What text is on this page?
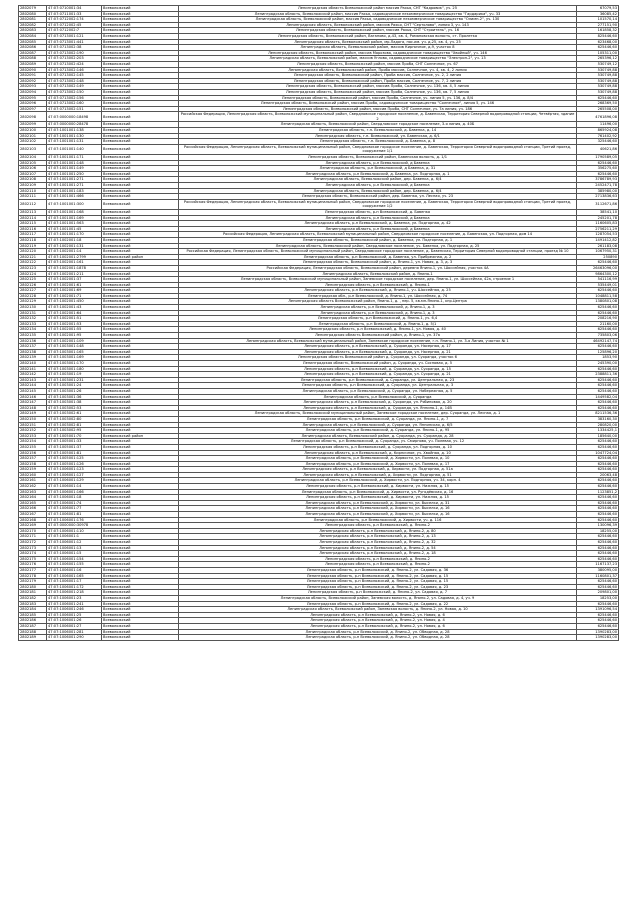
2802079	47:07:0710001:34	Всеволожский	Ленинградская область Всеволожский район массив Рахья, СНТ "Кадровик", уч. 25	67079,53
2802080	47:07:0711001:33	Всеволожский	Ленинградская область, Всеволожский район, массив Рахья, садоводческое некоммерческое товарищество "Гардарика", уч. 33	36085,42
2802081	47:07:0712002:174	Всеволожский	Ленинградская область, Всеволожский район, массив Рахья, садоводческое некоммерческое товарищество "Олимп-2", уч. 130	101570,14
2802082	47:07:0712002:45	Всеволожский	Ленинградская область, Всеволожский район, массив Рахья, СНТ "Сертолово", линия 3, уч. 143	277151,90
2802083	47:07:0712002:7	Всеволожский	Ленинградская область, Всеволожский район, массив Рахья, СНТ "Строитель", уч. 16	161858,32
2802084	47:07:0713001:121	Всеволожский	Ленинградская область, Всеволожский район, Ваганово, д.43, кв. 4, Романовская волость, ст. Пролетка	825446,60
2802085	47:07:0713001:441	Всеволожский	Ленинградская область, Всеволожский район, мр.Ладога, пос.им. уч. д.25, кв. 4, уч. 25	623468,00
2802086	47:07:0713002:38	Всеволожский	Ленинградская область, Всеволожский район, массив Кирпичное, д.9, участок 8	625446,60
2802087	47:07:0713002:190	Всеволожский	Ленинградская область, Всеволожский район, массив Морозова, садоводческое товарищество "Хвойный", уч. 146	105311,00
2802088	47:07:0713002:203	Всеволожский	Ленинградская область, Всеволожский район, массив Углово, садоводческое товарищество "Электрон-2", уч. 13	265396,12
2802089	47:07:0713002:424	Всеволожский	Ленинградская область, Всеволожский район, массив Проба, СНТ Солнечное, уч. 67	530749,12
2802090	47:07:0713002:146	Всеволожский	Ленинградская область, Всеволожский район, Проба массив, Солнечное, уч. 4, кв. 4, 2 линия	530749,88
2802091	47:07:0713002:145	Всеволожский	Ленинградская область, Всеволожский район, Проба массив, Солнечное, уч. 2, 2 линия	530749,88
2802092	47:07:0713002:148	Всеволожский	Ленинградская область, Всеволожский район, Проба массив, Солнечное, уч. 7, 2 линия	530749,88
2802093	47:07:0713002:149	Всеволожский	Ленинградская область, Всеволожский район, массив Проба, Солнечное, уч. 136, кв. 4, 5 линия	530749,88
2802094	47:07:0713002:150	Всеволожский	Ленинградская область, Всеволожский район, массив Проба, Солнечное, уч. 136, кв. 7, 5 линия	530749,88
2802095	47:07:0713002:156	Всеволожский	Ленинградская область, Всеволожский район, массив Проба, Солнечное, уч. линия 5, уч. 136, д. 8/4	625446,60
2802096	47:07:0713002:160	Всеволожский	Ленинградская область, Всеволожский район, массив Проба, садоводческое товарищество "Солнечное", линия 5, уч. 146	268369,50
2802097	47:07:0713002:151	Всеволожский	Ленинградская область, Всеволожский район, массив Проба, СНТ Солнечное, уч. 7а линия, уч. 186	265508,00
2802098	47:07:0000000:18498	Всеволожский	Российская Федерация, Ленинградская область, Всеволожский муниципальный район, Свердловское городское поселение, д. Бавенская, Территория Северной водопроводной станции, Четвёртая, здание 2	4761896,08
2802099	47:07:0000000:28478	Всеволожский	Ленинградская область, Всеволожский район, Свердловское городское поселение, 3-я линия, д. 40Б	11496,00
2802100	47:07:1001001:138	Всеволожский	Ленинградская область, г.п. Всеволожский, д. Бавенка, д. 14	865924,08
2802101	47:07:1001001:130	Всеволожский	Ленинградская область, г.п. Всеволожский, ул. Бавенская, д. 6/1	761402,92
2802102	47:07:1001001:131	Всеволожский	Ленинградская область, г.п. Всеволожский, д. Бавенка, д. 8	325446,60
2802103	47:07:1001001:140	Всеволожский	Российская Федерация, Ленинградская область, Всеволожский муниципальный район, Свердловское городское поселение, д. Бавенская, Территория Северной водопроводной станции, Третий проезд, сооружение 1/1	40621,86
2802104	47:07:1001001:171	Всеволожский	Ленинградская область, Всеволожский район, Бавенская волость, д. 1/1	1790589,05
2802105	47:07:1001001:148	Всеволожский	Ленинградская область, р-н Всеволожский, д Бавенка	625446,60
2802106	47:07:1001001:149	Всеволожский	Ленинградская область, р-н Всеволожский, д Бавенка, д. 31	356275,60
2802107	47:07:1001001:250	Всеволожский	Ленинградская область, р-н Всеволожский, д. Бавенка, ул. Подгорная, д. 1	625446,60
2802108	47:07:1001001:271	Всеволожский	Ленинградская область, Всеволожский район, дер. Бавенка, д. 6/4	3786789,93
2802109	47:07:1001001:271	Всеволожский	Ленинградская область, р-н Всеволожский, д Бавенка	2452471,78
2802110	47:07:1001001:183	Всеволожский	Ленинградская область, Всеволожский район, дер. Бавенка, д. 6/4	385980,00
2802111	47:07:1001001:466	Всеволожский	Ленинградская область, Всеволожский район, дер. Бавенка, ул. Лесная, уч. 23	2713836,63
2802112	47:07:1001001:300	Всеволожский	Российская Федерация, Ленинградская область, Всеволожский муниципальный район, Свердловское городское поселение, д. Бавенская, Территория Северной водопроводной станции, Третий проезд, сооружение 1/2	3112671,86
2802113	47:07:1001001:168	Всеволожский	Ленинградская область, р-н Всеволожский, д. Бавенка	38541,10
2802114	47:07:1001001:169	Всеволожский	Ленинградская область, р-н Всеволожский, д Бавенка	245201,78
2802115	47:07:1001001:563	Всеволожский	Ленинградская область, р-н Всеволожский, д. Бавенка, ул. Подгорная, д. 42	1160605,83
2802116	47:07:1001001:45	Всеволожский	Ленинградская область, р-н Всеволожский, д Бавенка	2756211,29
2802117	47:07:1001001:170	Всеволожский	Российская Федерация, Ленинградская область, Всеволожский муниципальный район, Свердловское городское поселение, д. Бавенская, ул. Подгорная, дом 14	1287054,53
2802118	47:07:1002001:18	Всеволожский	Ленинградская область, Всеволожский район, д. Бавенка, ул. Подгорная, д. 1	1491412,82
2802119	47:07:1002001:131	Всеволожский	Ленинградская область, Всеволожский район, Свердловское поселение, уч. Бавенка, ул. Подгорная, д. 25	261183,08
2802120	47:07:1002001:14	Всеволожский	Российская Федерация, Ленинградская область, Всеволожский муниципальный район, Свердловское городское поселение, д. Бавенская, Территория Северной водопроводной станции, проезд № 10	1067950,31
2802121	47:07:1002001:2799	Всеволожский район	Ленинградская область, р-н Всеволожский, д. Бавенка, ул. Прибрежная, д. 2	250890
2802122	47:07:1002001:161	Всеволожский	Ленинградская область, Всеволожский район, д. Янино-1, ул. Новая, д. 3, д. 3	625446,60
2802123	47:07:1002001:1878	Всеволожский	Российская Федерация, Ленинградская область, Всеволожский район, деревня Янино-1, ул. Шоссейная, участок 4А	26463096,00
2802124	47:07:1002001:211	Всеволожский	Ленинградская область, Всеволожский район, д. Янино-1	9864300,12
2802125	47:07:1002001:37	Всеволожский	Ленинградская область, Всеволожский муниципальный район, Заневское городское поселение, дер. Янино-1, ул. Шоссейная, 42а, строение 1	541116,99
2802126	47:07:1002001:61	Всеволожский	Ленинградская область, р-н Всеволожский, д. Янино-1	535449,01
2802127	47:07:1002001:69	Всеволожский	Ленинградская область, р-н Всеволожский, д. Янино-1, уч. Шоссейная, д. 25	625446,60
2802128	47:07:1002001:71	Всеволожский	Ленинградская обл., р-н Всеволожский, д. Янино-1, ул. Шоссейная, д. 74	1048811,58
2802129	47:07:1002001:450	Всеволожский	Ленинградская область Всеволожский район, Янино-1, д. , пер. 5, кв.мн-Янино-1, кпр.Центра	1380801,08
2802130	47:07:1002001:43	Всеволожский	Ленинградская область, р-н Всеволожский, д. Янино-1, д. 3	625446,60
2802131	47:07:1002001:64	Всеволожский	Ленинградская область, р-н Всеволожский, д. Янино-1, д. 3	625446,60
2802132	47:07:1002001:51	Всеволожский	Ленинградская область, р-н Всеволожский, д. Янино-1, уч. 6,4	208216,90
2802133	47:07:1002001:53	Всеволожский	Ленинградская область, р-н Всеволожский, д. Янино-1, д. 5/1	21160,00
2802134	47:07:1002001:55	Всеволожский	Ленинградская область, р-н Всеволожский, д. Янино-1, ул. Новая, д. 40	625446,60
2802135	47:07:1002001:95	Всеволожский	Ленинградская область Всеволожский район, д. Янино-1, ул. 37а	735803,06
2802136	47:07:1002001:109	Всеволожский	Ленинградская область, Всеволожский муниципальный район, Заневское городское поселение, г.п. Янино-1, ул. 3-я Линия, участок № 1	46492147,74
2802137	47:07:1003001:148	Всеволожский	Ленинградская область, р-н Всеволожский, д. Суоранда, ул. Насерная, д. 17	625446,60
2802138	47:07:1003001:165	Всеволожский	Ленинградская область, р-н Всеволожский, д. Суоранда, ул. Насерная, д. 21	125896,20
2802139	47:07:1003001:169	Всеволожский	Ленинградская область Всеволожский район д. Суоранда, ул. Суоранда, участок 6	1853,90
2802140	47:07:1003001:170	Всеволожский	Ленинградская область, Всеволожский район, д. Суоранда, уч. Сосновая, д. 5	245390,00
2802141	47:07:1003001:180	Всеволожский	Ленинградская область, р-н Всеволожский, д. Суоранда, ул. Суоранда, д. 15	625446,60
2802142	47:07:1003001:19	Всеволожский	Ленинградская область, р-н Всеволожский, д. Суоранда, ул. Суоранда, д. 21	2388811,36
2802143	47:07:1003001:231	Всеволожский	Ленинградская область, р-н Всеволожский, д. Суоранда, ул. Центральная, д. 23	625446,60
2802144	47:07:1003001:24	Всеволожский	Ленинградская область, р-н Всеволожский, д. Суоранда, ул. Центральная, д. 3	625446,60
2802145	47:07:1003001:26	Всеволожский	Ленинградская область, р-н Всеволожский, д. Суоранда, ул. Набережная, д. 5	625446,60
2802146	47:07:1003001:36	Всеволожский	Ленинградская область, р-н Всеволожский, д. Суоранда	1449582,04
2802147	47:07:1003001:38	Всеволожский	Ленинградская область, р-н Всеволожский, д. Суоранда, ул. Рябиновая, д. 20	625446,60
2802148	47:07:1003002:53	Всеволожский	Ленинградская область, р-н Всеволожский, д. Суоранда, ул. Яннино-1, д. 14В	625446,60
2802149	47:07:1003002:61	Всеволожский	Ленинградская область, Всеволожский муниципальный район, Заневское городское поселение, дер. Суоранда, ул. Лесная, д. 1	8211536,36
2802150	47:07:1003002:80	Всеволожский	Ленинградская область, р-н Всеволожский, д. Суоранда, ул. Янино-1, д. 7	383160,30
2802151	47:07:1003002:81	Всеволожский	Ленинградская область, р-н Всеволожский, д. Суоранда, ул. Яннинская, д. 6/5	280820,00
2802152	47:07:1003002:95	Всеволожский	Ленинградская область, р-н Всеволожский, д. Суоранда, ул. Янино-1, д. 95	1334425,1
2802153	47:07:1005001:70	Всеволожский район	Ленинградская область, Всеволожский район, д. Суоранда, уч. Суоранда, д. 28	185640,00
2802154	47:07:1005001:33	Всеволожский	Ленинградская область, р-н Всеволожский, д. Суоранда, уч. Смирнова, уч. Полевая, уч. 12	625446,60
2802155	47:07:1005001:37	Всеволожский	Ленинградская область, р-н Всеволожский, д. Суоранда, ул. Подгорная, д. 10	625446,60
2802156	47:07:1005001:81	Всеволожский	Ленинградская область, р-н Всеволожский, д. Кирпичное, уч. Хвойная, д. 10	1047724,04
2802157	47:07:1005001:125	Всеволожский	Ленинградская область, р-н Всеволожский, д. Хирвости, ул. Полевая, д. 10	625446,60
2802158	47:07:1005001:126	Всеволожский	Ленинградская область, р-н Всеволожский, д. Хирвости, ул. Полевая, д. 17	625446,60
2802159	47:07:1006001:123	Всеволожский	Ленинградская область, р-н Всеволожский, д. Хирвости, ул. Подгорная, д. 51а	625446,60
2802160	47:07:1006001:127	Всеволожский	Ленинградская область, р-н Всеволожский, д. Хирвости, ул. Подгорная, д. 51	20063,48
2802161	47:07:1006001:129	Всеволожский	Ленинградская область, р-н Всеволожский, д. Хирвости, ул. Подгорная, уч. 34, корп. 4	625446,60
2802162	47:07:1006001:14	Всеволожский	Ленинградская область, р-н Всеволожский, д. Хирвости, ул. Нижняя, д. 15	625446,60
2802163	47:07:1006001:166	Всеволожский	Ленинградская область, р-н Всеволожский, д. Хирвости, ул. Ругодёвская, д. 16	1123851,2
2802164	47:07:1006001:18	Всеволожский	Ленинградская область, р-н Всеволожский, д. Хирвости, ул. Нижняя, д. 15	625446,60
2802165	47:07:1006001:74	Всеволожский	Ленинградская область, р-н Всеволожский, д. Хирвости, ул. Выселки, д. 31	625446,60
2802166	47:07:1006001:77	Всеволожский	Ленинградская область, р-н Всеволожский, д. Хирвости, ул. Выселки, д. 16	625446,60
2802167	47:07:1006001:81	Всеволожский	Ленинградская область, р-н Всеволожский, д. Хирвости, ул. Выселки, д. 16	625446,60
2802168	47:07:1006001:176	Всеволожский	Ленинградская область, р-н Всеволожский, д. Хирвости, уч. д. 116	625446,60
2802169	47:07:0000000:30978	Всеволожский	Ленинградская область, р-н Всеволожский, д. Янино-2	130096,39
2802170	47:07:1006001:110	Всеволожский	Ленинградская область, р-н Всеволожский, д. Янино-2, д. 80	18255,00
2802171	47:07:1006001:1	Всеволожский	Ленинградская область, р-н Всеволожский, д. Янино-2, д. 13	625446,60
2802172	47:07:1006001:12	Всеволожский	Ленинградская область, р-н Всеволожский, д. Янино-2, д. 32	625446,60
2802173	47:07:1006001:13	Всеволожский	Ленинградская область, р-н Всеволожский, д. Янино-2, д. 54	625446,60
2802174	47:07:1006001:15	Всеволожский	Ленинградская область, р-н Всеволожский, д. Янино-2, д. 18	625446,60
2802175	47:07:1006001:154	Всеволожский	Ленинградская область, р-н Всеволожский, д. Янино-2	625446,60
2802176	47:07:1006001:155	Всеволожский	Ленинградская область, р-н Всеволожский, д. Янино-2	1167137,23
2802177	47:07:1006001:16	Всеволожский	Ленинградская область, р-н Всеволожский, д. Янино-2, ул. Садовая, д. 36	380095,00
2802178	47:07:1006001:165	Всеволожский	Ленинградская область, р-н Всеволожский, д. Янино-2, ул. Садовая, д. 15	1160801,37
2802179	47:07:1006001:17	Всеволожский	Ленинградская область, р-н Всеволожский, д. Янино-2, ул. Садовая, д. 15	625446,60
2802180	47:07:1006001:172	Всеволожский	Ленинградская область, р-н Всеволожский, д. Янино-2, ул. Садовая, д. 23	625446,60
2802181	47:07:1006001:218	Всеволожский	Ленинградская область, р-н Всеволожский, д. Янино-2, ул. Садовая, д. 7	209801,00
2802182	47:07:1006001:23	Всеволожский	Ленинградская область, Всеволожский район, Заневская волость, д. Янино-2, ул. Садовая, д. 4, уч. 9	18253,00
2802183	47:07:1006001:241	Всеволожский	Ленинградская область, р-н Всеволожский, д. Янино-2, ул. Садовая, д. 22	625446,60
2802184	47:07:1006001:246	Всеволожский	Ленинградская область, Всеволожский район, Заневская волость, д. Янино-2, ул. Новая, д. 10	1391096,54
2802185	47:07:1006001:25	Всеволожский	Ленинградская область, р-н Всеволожский, д. Янино-2, ул. Новая, д. 6	625446,60
2802186	47:07:1006001:26	Всеволожский	Ленинградская область, р-н Всеволожский, д. Янино-2, ул. Новая, д. 4	625446,60
2802187	47:07:1006001:27	Всеволожский	Ленинградская область, р-н Всеволожский, д. Янино-2, ул. Новая, д. 6	625446,60
2802188	47:07:1006001:281	Всеволожский	Ленинградская область, р-н Всеволожский, д. Янино-2, ул. Обводная, д. 28	1390283,00
2802189	47:07:1006001:290	Всеволожский	Ленинградская область, р-н Всеволожский, д. Янино-2, ул. Обводная, д. 28	1390283,00
